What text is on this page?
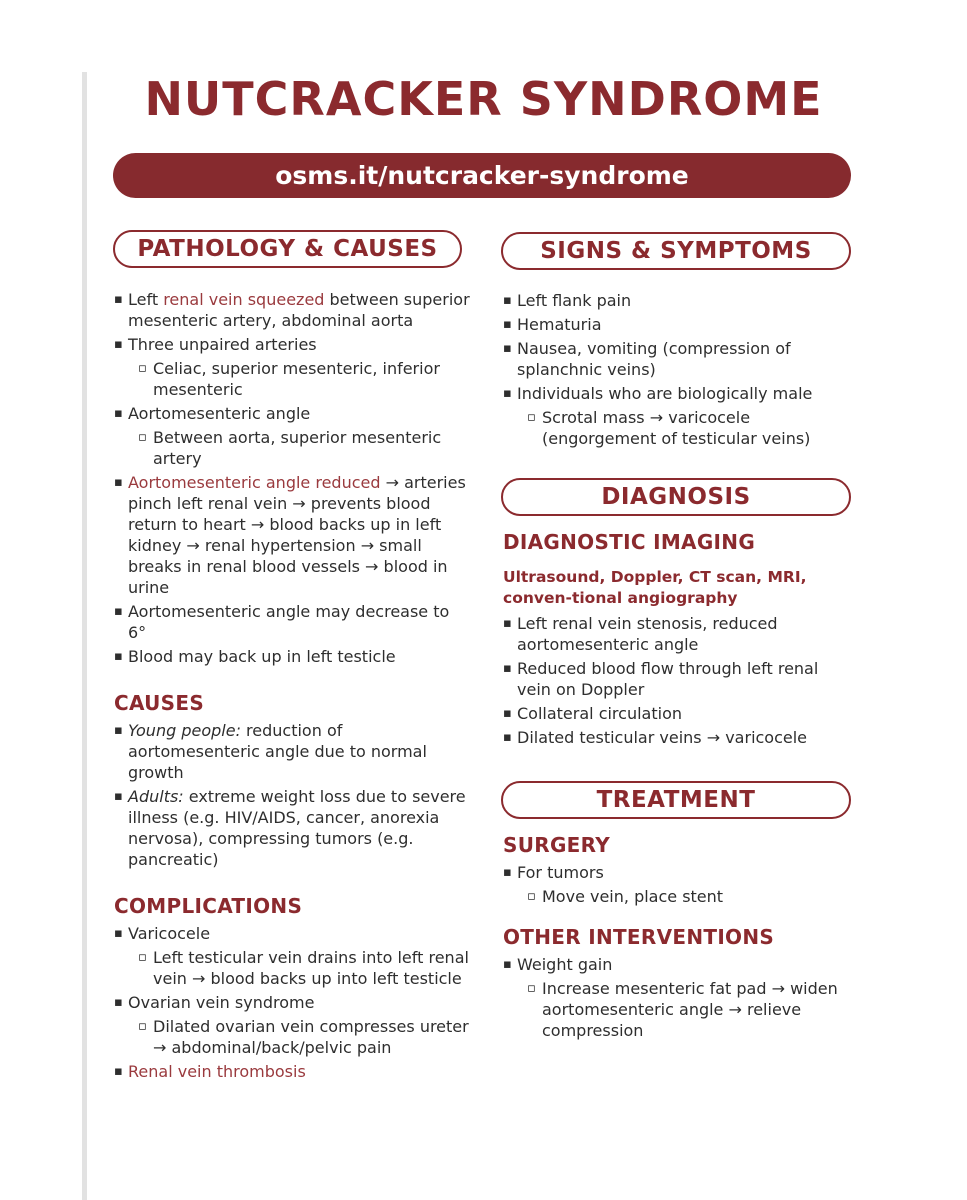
NUTCRACKER SYNDROME
osms.it/nutcracker-syndrome
PATHOLOGY & CAUSES
▪ Left renal vein squeezed between superior mesenteric artery, abdominal aorta
▪ Three unpaired arteries
▫ Celiac, superior mesenteric, inferior mesenteric
▪ Aortomesenteric angle
▫ Between aorta, superior mesenteric artery
▪ Aortomesenteric angle reduced → arteries pinch left renal vein → prevents blood return to heart → blood backs up in left kidney → renal hypertension → small breaks in renal blood vessels → blood in urine
▪ Aortomesenteric angle may decrease to 6°
▪ Blood may back up in left testicle
CAUSES
▪ Young people: reduction of aortomesenteric angle due to normal growth
▪ Adults: extreme weight loss due to severe illness (e.g. HIV/AIDS, cancer, anorexia nervosa), compressing tumors (e.g. pancreatic)
COMPLICATIONS
▪ Varicocele
▫ Left testicular vein drains into left renal vein → blood backs up into left testicle
▪ Ovarian vein syndrome
▫ Dilated ovarian vein compresses ureter → abdominal/back/pelvic pain
▪ Renal vein thrombosis
SIGNS & SYMPTOMS
▪ Left flank pain
▪ Hematuria
▪ Nausea, vomiting (compression of splanchnic veins)
▪ Individuals who are biologically male
▫ Scrotal mass → varicocele (engorgement of testicular veins)
DIAGNOSIS
DIAGNOSTIC IMAGING
Ultrasound, Doppler, CT scan, MRI, conven-tional angiography
▪ Left renal vein stenosis, reduced aortomesenteric angle
▪ Reduced blood flow through left renal vein on Doppler
▪ Collateral circulation
▪ Dilated testicular veins → varicocele
TREATMENT
SURGERY
▪ For tumors
▫ Move vein, place stent
OTHER INTERVENTIONS
▪ Weight gain
▫ Increase mesenteric fat pad → widen aortomesenteric angle → relieve compression
